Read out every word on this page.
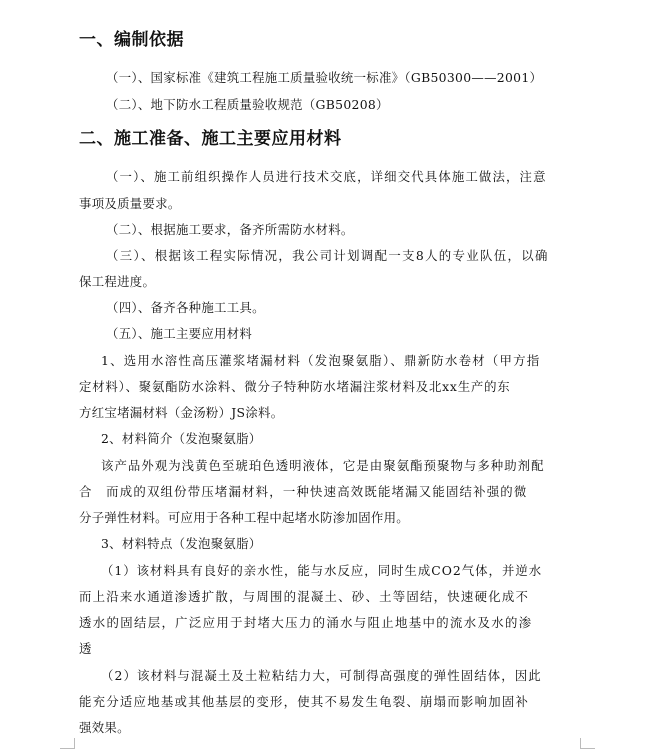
一、编制依据
（一）、国家标准《建筑工程施工质量验收统一标准》（GB50300——2001）
（二）、地下防水工程质量验收规范（GB50208）
二、施工准备、施工主要应用材料
（一）、施工前组织操作人员进行技术交底，详细交代具体施工做法，注意
事项及质量要求。
（二）、根据施工要求，备齐所需防水材料。
（三）、根据该工程实际情况，我公司计划调配一支8人的专业队伍，以确
保工程进度。
（四）、备齐各种施工工具。
（五）、施工主要应用材料
1、选用水溶性高压灌浆堵漏材料（发泡聚氨脂）、鼎新防水卷材（甲方指
定材料）、聚氨酯防水涂料、微分子特种防水堵漏注浆材料及北xx生产的东
方红宝堵漏材料（金汤粉）JS涂料。
2、材料简介（发泡聚氨脂）
该产品外观为浅黄色至琥珀色透明液体，它是由聚氨酯预聚物与多种助剂配
合　而成的双组份带压堵漏材料，一种快速高效既能堵漏又能固结补强的微
分子弹性材料。可应用于各种工程中起堵水防渗加固作用。
3、材料特点（发泡聚氨脂）
（1）该材料具有良好的亲水性，能与水反应，同时生成CO2气体，并逆水
而上沿来水通道渗透扩散，与周围的混凝土、砂、土等固结，快速硬化成不
透水的固结层，广泛应用于封堵大压力的涌水与阻止地基中的流水及水的渗
透
（2）该材料与混凝土及土粒粘结力大，可制得高强度的弹性固结体，因此
能充分适应地基或其他基层的变形，使其不易发生龟裂、崩塌而影响加固补
强效果。
